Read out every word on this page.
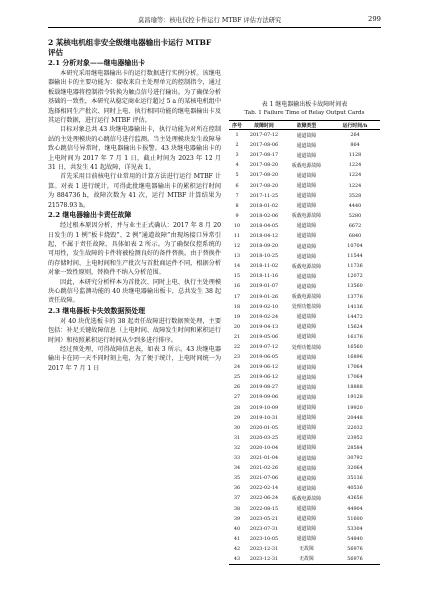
莫昌瑜等：核电仪控卡件运行 MTBF 评估方法研究	299
2 某核电机组非安全级继电器输出卡运行 MTBF 评估
2.1 分析对象——继电器输出卡

本研究采用继电器输出卡的运行数据进行实例分析。该继电器输出卡的主要功能为：接收来自主处理单元的控制指令，通过板载继电器将控制指令转换为触点信号进行输出。为了确保分析基础的一致性，本研究从稳定商业运行超过 5 a 的某核电机组中选择相同生产批次、同时上电、执行相同功能的继电器输出卡及其运行数据，进行运行 MTBF 评估。

目标对象总共 43 块继电器输出卡，执行功能为对所在控制站的主处理模块的心跳信号进行监测。当主处理模块发生故障导致心跳信号异常时，继电器输出卡报警。43 块继电器输出卡的上电时间为 2017 年 7 月 1 日，截止时间为 2023 年 12 月 31 日，共发生 41 起故障，详见表 1。

首先采用目前核电行业常用的计算方法进行运行 MTBF 计算。对表 1 进行统计，可得此批继电器输出卡的累积运行时间为 884736 h，故障次数为 41 次，运行 MTBF 计算结果为 21578.93 h。

2.2 继电器输出卡责任故障

经过根本原因分析，并与业主正式确认：2017 年 8 月 20 日发生的 1 例“板卡烧毁”、2 例“通道故障”由现场接口异常引起，不属于责任故障，具体如表 2 所示。为了确保仪控系统的可用性，发生故障的卡件将被检测良好的备件替换。由于替换件的存储时间、上电时间和生产批次与首批商运件不同，根据分析对象一致性原则，替换件不纳入分析范围。

因此，本研究分析样本为首批次、同时上电、执行主处理模块心跳信号监测功能的 40 块继电器输出板卡，总共发生 38 起责任故障。

2.3 继电器板卡失效数据预处理

对 40 块优选板卡的 38 起责任故障进行数据预处理，主要包括：补足关键故障信息（上电时间、故障发生时间和累积运行时间）和按照累积运行时间从少到多进行排序。

经过预处理，可得故障信息表，如表 3 所示。43 块继电器输出卡在同一天不同时刻上电，为了便于统计，上电时间统一为 2017 年 7 月 1 日

表 1 继电器输出板卡故障时间表
Tab. 1 Failure Time of Relay Output Cards
序号	故障时间	故障类型	运行时间/h
1	2017-07-12	通道故障	264
2	2017-08-06	通道故障	864
3	2017-08-17	通道故障	1128
4	2017-08-20	板载电源故障	1224
5	2017-08-20	通道故障	1224
6	2017-08-20	通道故障	1224
7	2017-11-25	通道故障	3528
8	2018-01-02	通道故障	4440
9	2018-02-06	板载电源故障	5280
10	2018-04-05	通道故障	6672
11	2018-04-12	通道故障	6840
12	2018-09-20	通道故障	10704
13	2018-10-25	通道故障	11544
14	2018-11-02	板载电源故障	11736
15	2018-11-16	通道故障	12072
16	2019-01-07	通道故障	13560
17	2019-01-26	板载电源故障	13776
18	2019-02-10	处理功能故障	14136
19	2019-02-24	通道故障	14472
20	2019-04-13	通道故障	15624
21	2019-05-06	通道故障	16176
22	2019-07-12	处理功能故障	16560
23	2019-06-05	通道故障	16896
24	2019-06-12	通道故障	17064
25	2019-06-12	通道故障	17064
26	2019-08-27	通道故障	18888
27	2019-09-06	通道故障	19128
28	2019-10-09	通道故障	19920
29	2019-10-31	通道故障	20448
30	2020-01-05	通道故障	22032
31	2020-03-25	通道故障	23952
32	2020-10-04	通道故障	28584
33	2021-01-04	通道故障	30792
34	2021-02-26	通道故障	32064
35	2021-07-06	通道故障	35136
36	2022-02-14	通道故障	40536
37	2022-06-24	板载电源故障	43656
38	2022-08-15	通道故障	44904
39	2023-05-21	通道故障	51600
40	2023-07-31	通道故障	53304
41	2023-10-05	通道故障	54840
42	2023-12-31	无故障	56976
43	2023-12-31	无故障	56976
